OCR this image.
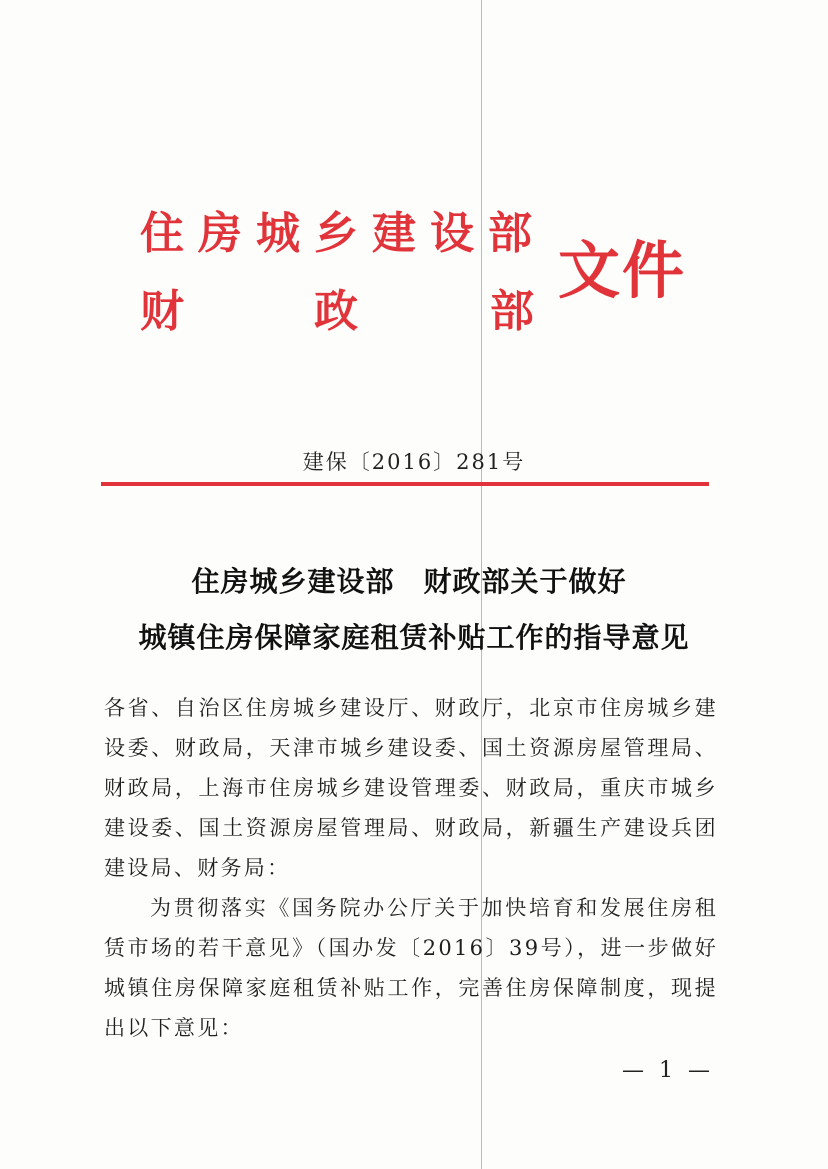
住房城乡建设部
财	政	部
文件
建保〔2016〕281号
住房城乡建设部　财政部关于做好
城镇住房保障家庭租赁补贴工作的指导意见

各省、自治区住房城乡建设厅、财政厅，北京市住房城乡建设委、财政局，天津市城乡建设委、国土资源房屋管理局、财政局，上海市住房城乡建设管理委、财政局，重庆市城乡建设委、国土资源房屋管理局、财政局，新疆生产建设兵团建设局、财务局：

为贯彻落实《国务院办公厅关于加快培育和发展住房租赁市场的若干意见》（国办发〔2016〕39号），进一步做好城镇住房保障家庭租赁补贴工作，完善住房保障制度，现提出以下意见：

— 1 —
